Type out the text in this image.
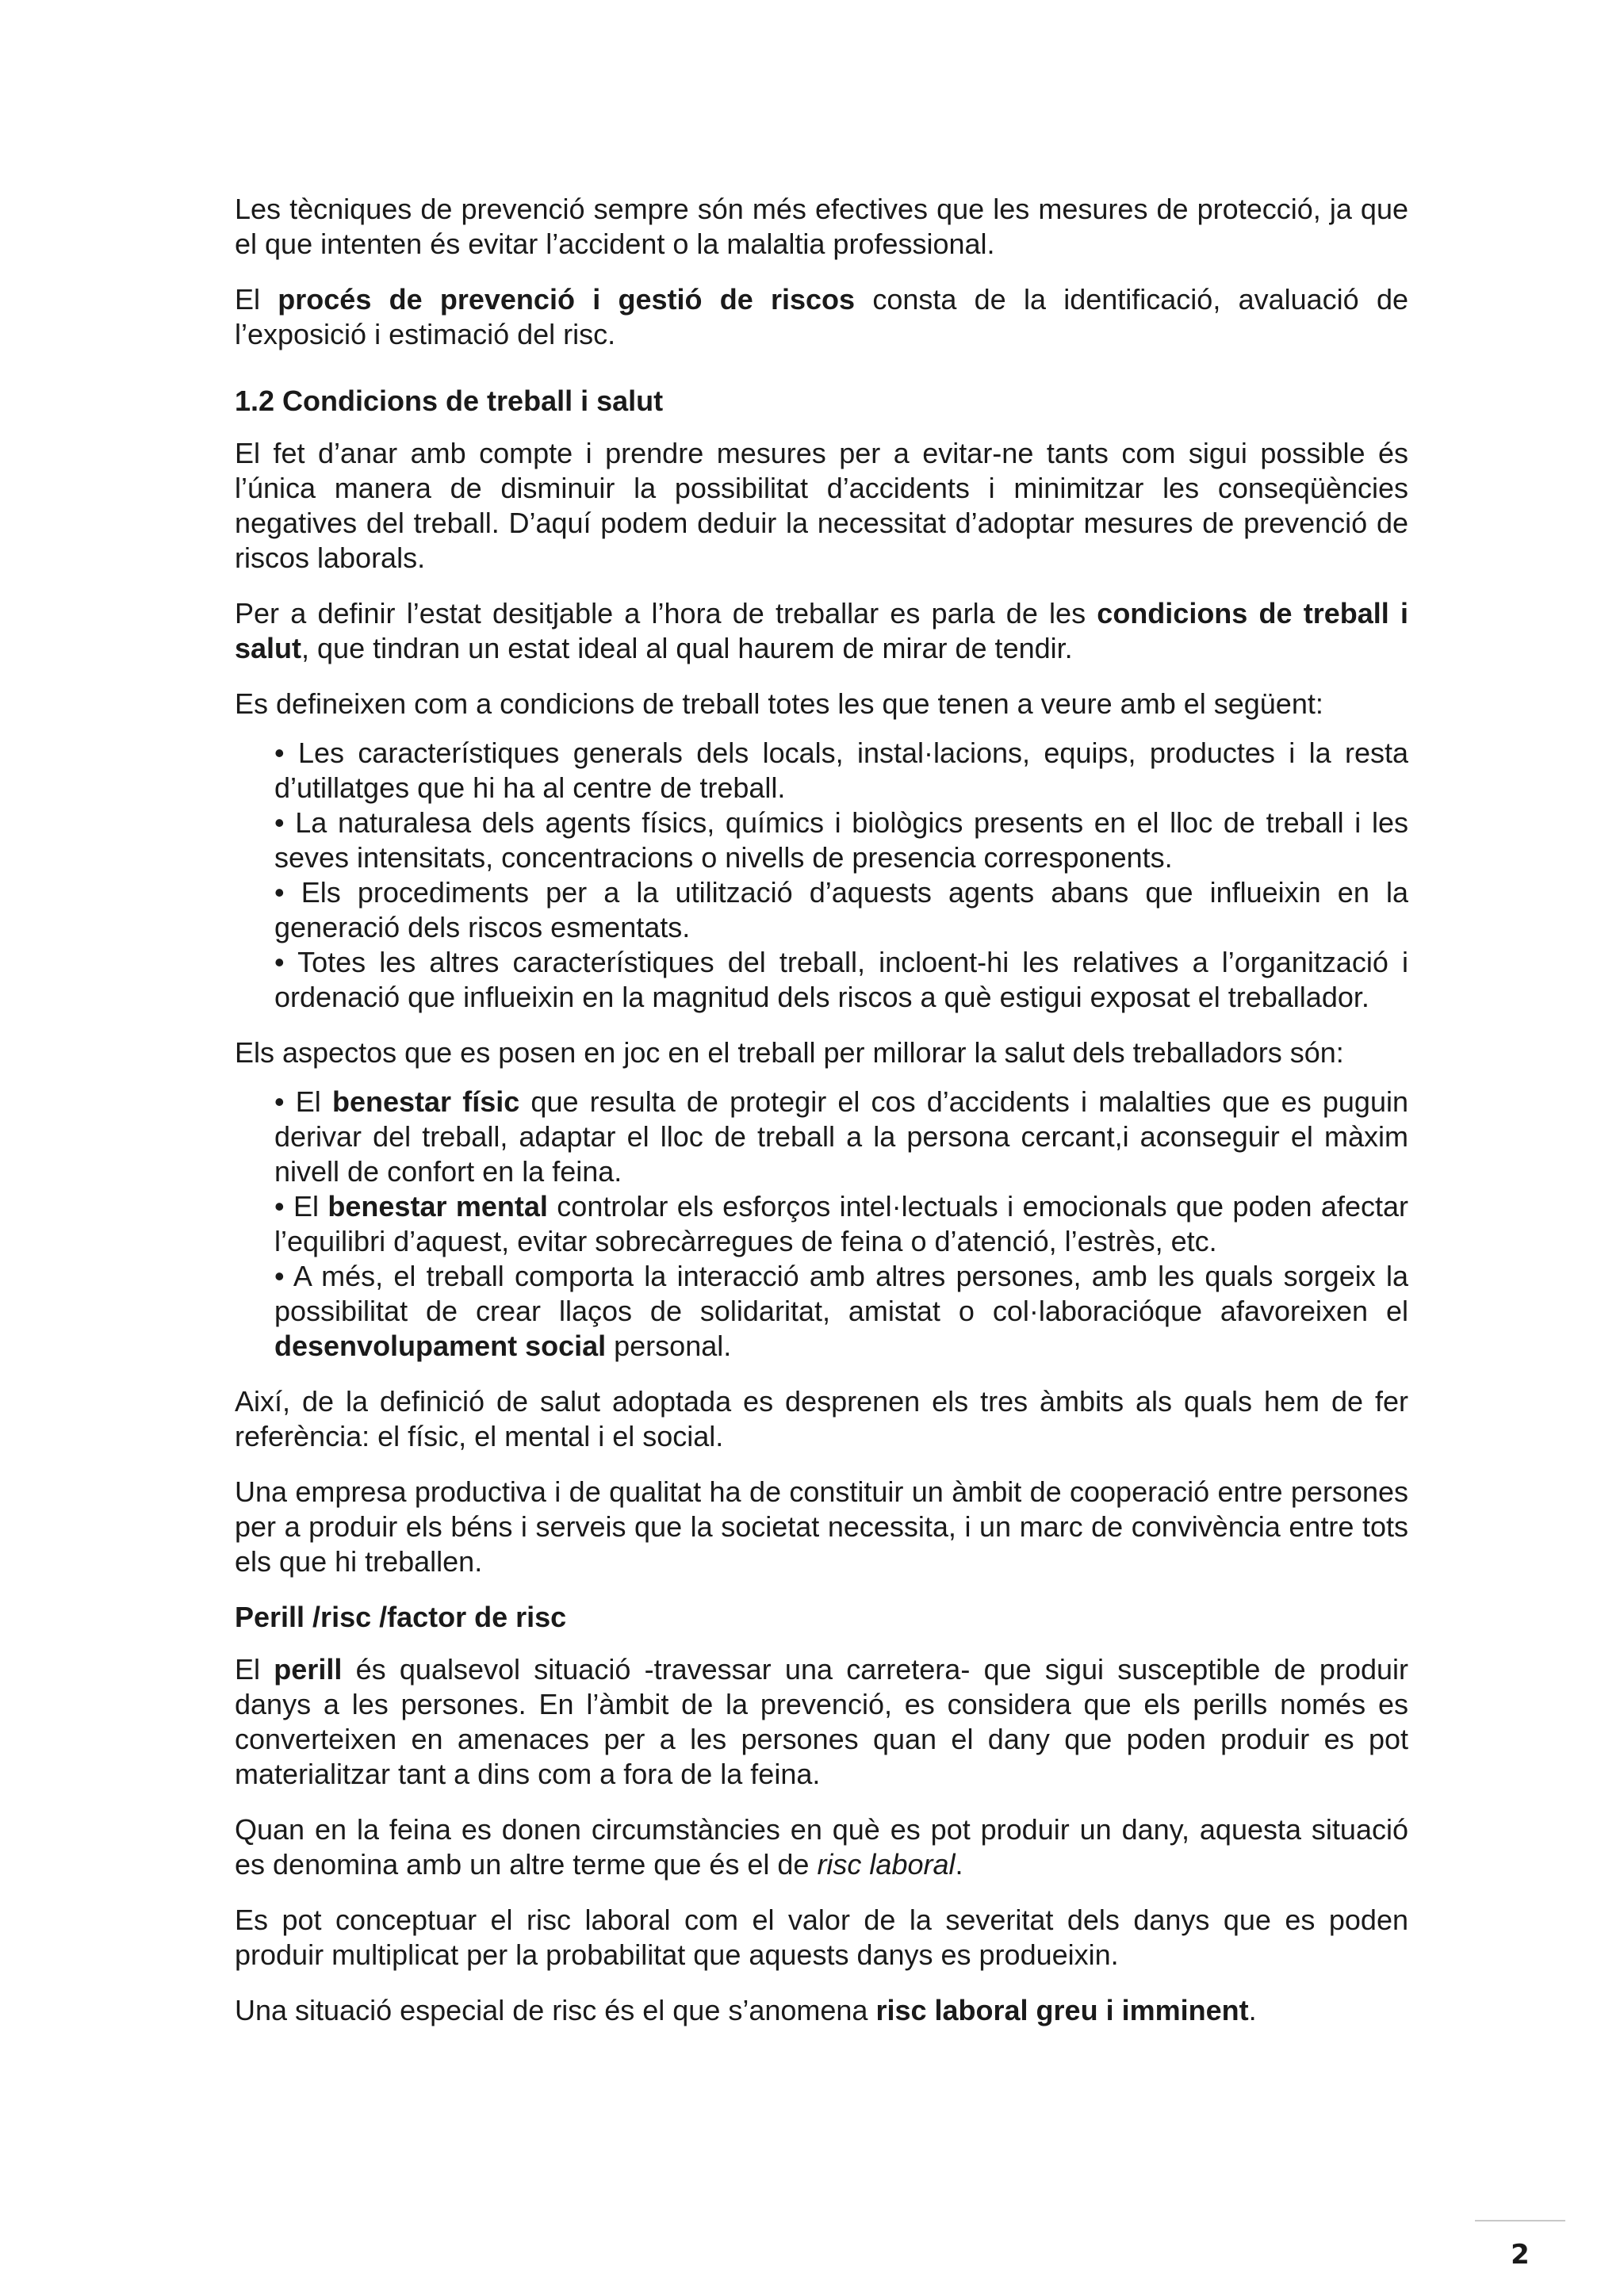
Les tècniques de prevenció sempre són més efectives que les mesures de protecció, ja que el que intenten és evitar l’accident o la malaltia professional.

El procés de prevenció i gestió de riscos consta de la identificació, avaluació de l’exposició i estimació del risc.

1.2 Condicions de treball i salut

El fet d’anar amb compte i prendre mesures per a evitar-ne tants com sigui possible és l’única manera de disminuir la possibilitat d’accidents i minimitzar les conseqüències negatives del treball. D’aquí podem deduir la necessitat d’adoptar mesures de prevenció de riscos laborals.

Per a definir l’estat desitjable a l’hora de treballar es parla de les condicions de treball i salut, que tindran un estat ideal al qual haurem de mirar de tendir.

Es defineixen com a condicions de treball totes les que tenen a veure amb el següent:

• Les característiques generals dels locals, instal·lacions, equips, productes i la resta d’utillatges que hi ha al centre de treball.
• La naturalesa dels agents físics, químics i biològics presents en el lloc de treball i les seves intensitats, concentracions o nivells de presencia corresponents.
• Els procediments per a la utilització d’aquests agents abans que influeixin en la generació dels riscos esmentats.
• Totes les altres característiques del treball, incloent-hi les relatives a l’organització i ordenació que influeixin en la magnitud dels riscos a què estigui exposat el treballador.

Els aspectos que es posen en joc en el treball per millorar la salut dels treballadors són:

• El benestar físic que resulta de protegir el cos d’accidents i malalties que es puguin derivar del treball, adaptar el lloc de treball a la persona cercant,i aconseguir el màxim nivell de confort en la feina.
• El benestar mental controlar els esforços intel·lectuals i emocionals que poden afectar l’equilibri d’aquest, evitar sobrecàrregues de feina o d’atenció, l’estrès, etc.
• A més, el treball comporta la interacció amb altres persones, amb les quals sorgeix la possibilitat de crear llaços de solidaritat, amistat o col·laboracióque afavoreixen el desenvolupament social personal.

Així, de la definició de salut adoptada es desprenen els tres àmbits als quals hem de fer referència: el físic, el mental i el social.

Una empresa productiva i de qualitat ha de constituir un àmbit de cooperació entre persones per a produir els béns i serveis que la societat necessita, i un marc de convivència entre tots els que hi treballen.

Perill /risc /factor de risc

El perill és qualsevol situació -travessar una carretera- que sigui susceptible de produir danys a les persones. En l’àmbit de la prevenció, es considera que els perills només es converteixen en amenaces per a les persones quan el dany que poden produir es pot materialitzar tant a dins com a fora de la feina.

Quan en la feina es donen circumstàncies en què es pot produir un dany, aquesta situació es denomina amb un altre terme que és el de risc laboral.

Es pot conceptuar el risc laboral com el valor de la severitat dels danys que es poden produir multiplicat per la probabilitat que aquests danys es produeixin.

Una situació especial de risc és el que s’anomena risc laboral greu i imminent.

2
